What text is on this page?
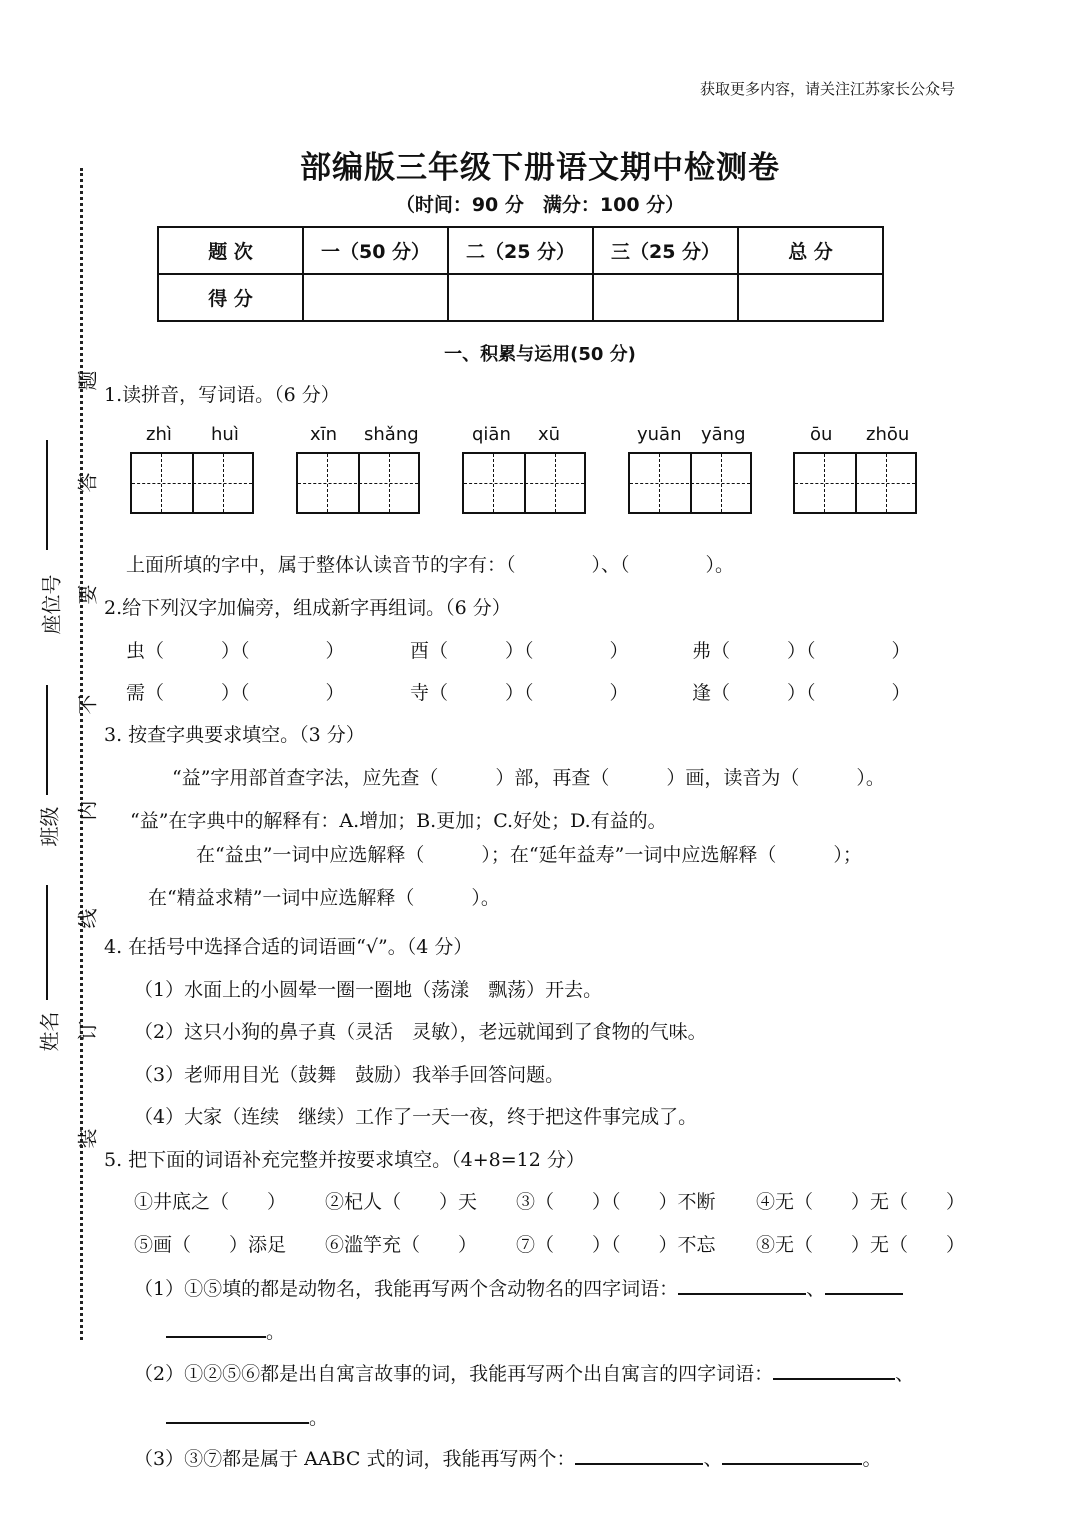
获取更多内容，请关注江苏家长公众号
部编版三年级下册语文期中检测卷
（时间：90 分　满分：100 分）
题 次	一（50 分）	二（25 分）	三（25 分）	总 分
得 分				
座位号
班级
姓名
题
答
要
不
内
线
订
装
一、积累与运用(50 分)
1.读拼音，写词语。（6 分）
zhì huì	xīn shǎng	qiān xū	yuān yāng	ōu zhōu
上面所填的字中，属于整体认读音节的字有：（　　　　）、（　　　　）。
2.给下列汉字加偏旁，组成新字再组词。（6 分）
虫（　　　）（　　　　）	酉（　　　）（　　　　）	弗（　　　）（　　　　）
需（　　　）（　　　　）	寺（　　　）（　　　　）	逢（　　　）（　　　　）
3. 按查字典要求填空。（3 分）
“益”字用部首查字法，应先查（　　　）部，再查（　　　）画，读音为（　　　）。
“益”在字典中的解释有：A.增加；B.更加；C.好处；D.有益的。
在“益虫”一词中应选解释（　　　）；在“延年益寿”一词中应选解释（　　　）；
在“精益求精”一词中应选解释（　　　）。
4. 在括号中选择合适的词语画“√”。（4 分）
（1）水面上的小圆晕一圈一圈地（荡漾　飘荡）开去。
（2）这只小狗的鼻子真（灵活　灵敏），老远就闻到了食物的气味。
（3）老师用目光（鼓舞　鼓励）我举手回答问题。
（4）大家（连续　继续）工作了一天一夜，终于把这件事完成了。
5. 把下面的词语补充完整并按要求填空。（4+8=12 分）
①井底之（　　） ②杞人（　　）天 ③（　　）（　　）不断 ④无（　　）无（　　）
⑤画（　　）添足 ⑥滥竽充（　　） ⑦（　　）（　　）不忘 ⑧无（　　）无（　　）
（1）①⑤填的都是动物名，我能再写两个含动物名的四字词语：	、
。
（2）①②⑤⑥都是出自寓言故事的词，我能再写两个出自寓言的四字词语：	、
。
（3）③⑦都是属于 AABC 式的词，我能再写两个：	、	。
